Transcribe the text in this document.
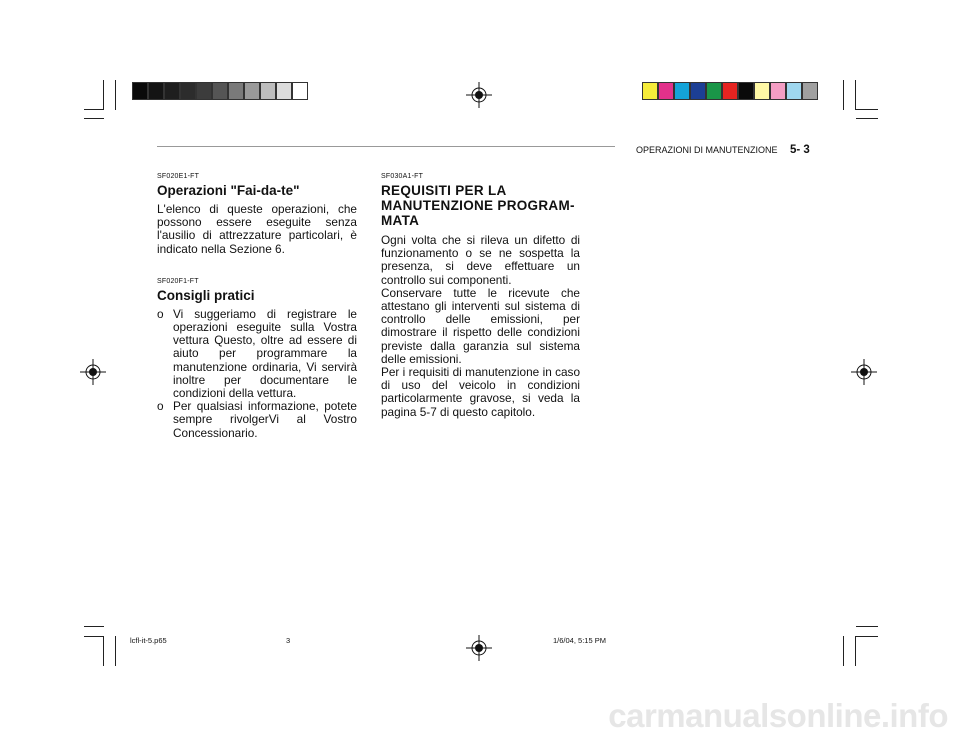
OPERAZIONI DI MANUTENZIONE 5- 3
SF020E1-FT
Operazioni "Fai-da-te"

L'elenco di queste operazioni, che possono essere eseguite senza l'ausilio di attrezzature particolari, è indicato nella Sezione 6.

SF020F1-FT
Consigli pratici
o Vi suggeriamo di registrare le operazioni eseguite sulla Vostra vettura Questo, oltre ad essere di aiuto per programmare la manutenzione ordinaria, Vi servirà inoltre per documentare le condizioni della vettura.
o Per qualsiasi informazione, potete sempre rivolgerVi al Vostro Concessionario.
SF030A1-FT
REQUISITI PER LA
MANUTENZIONE PROGRAM-
MATA

Ogni volta che si rileva un difetto di funzionamento o se ne sospetta la presenza, si deve effettuare un controllo sui componenti.

Conservare tutte le ricevute che attestano gli interventi sul sistema di controllo delle emissioni, per dimostrare il rispetto delle condizioni previste dalla garanzia sul sistema delle emissioni.

Per i requisiti di manutenzione in caso di uso del veicolo in condizioni particolarmente gravose, si veda la pagina 5-7 di questo capitolo.

lcfl-it-5.p65	3	1/6/04, 5:15 PM
carmanualsonline.info
